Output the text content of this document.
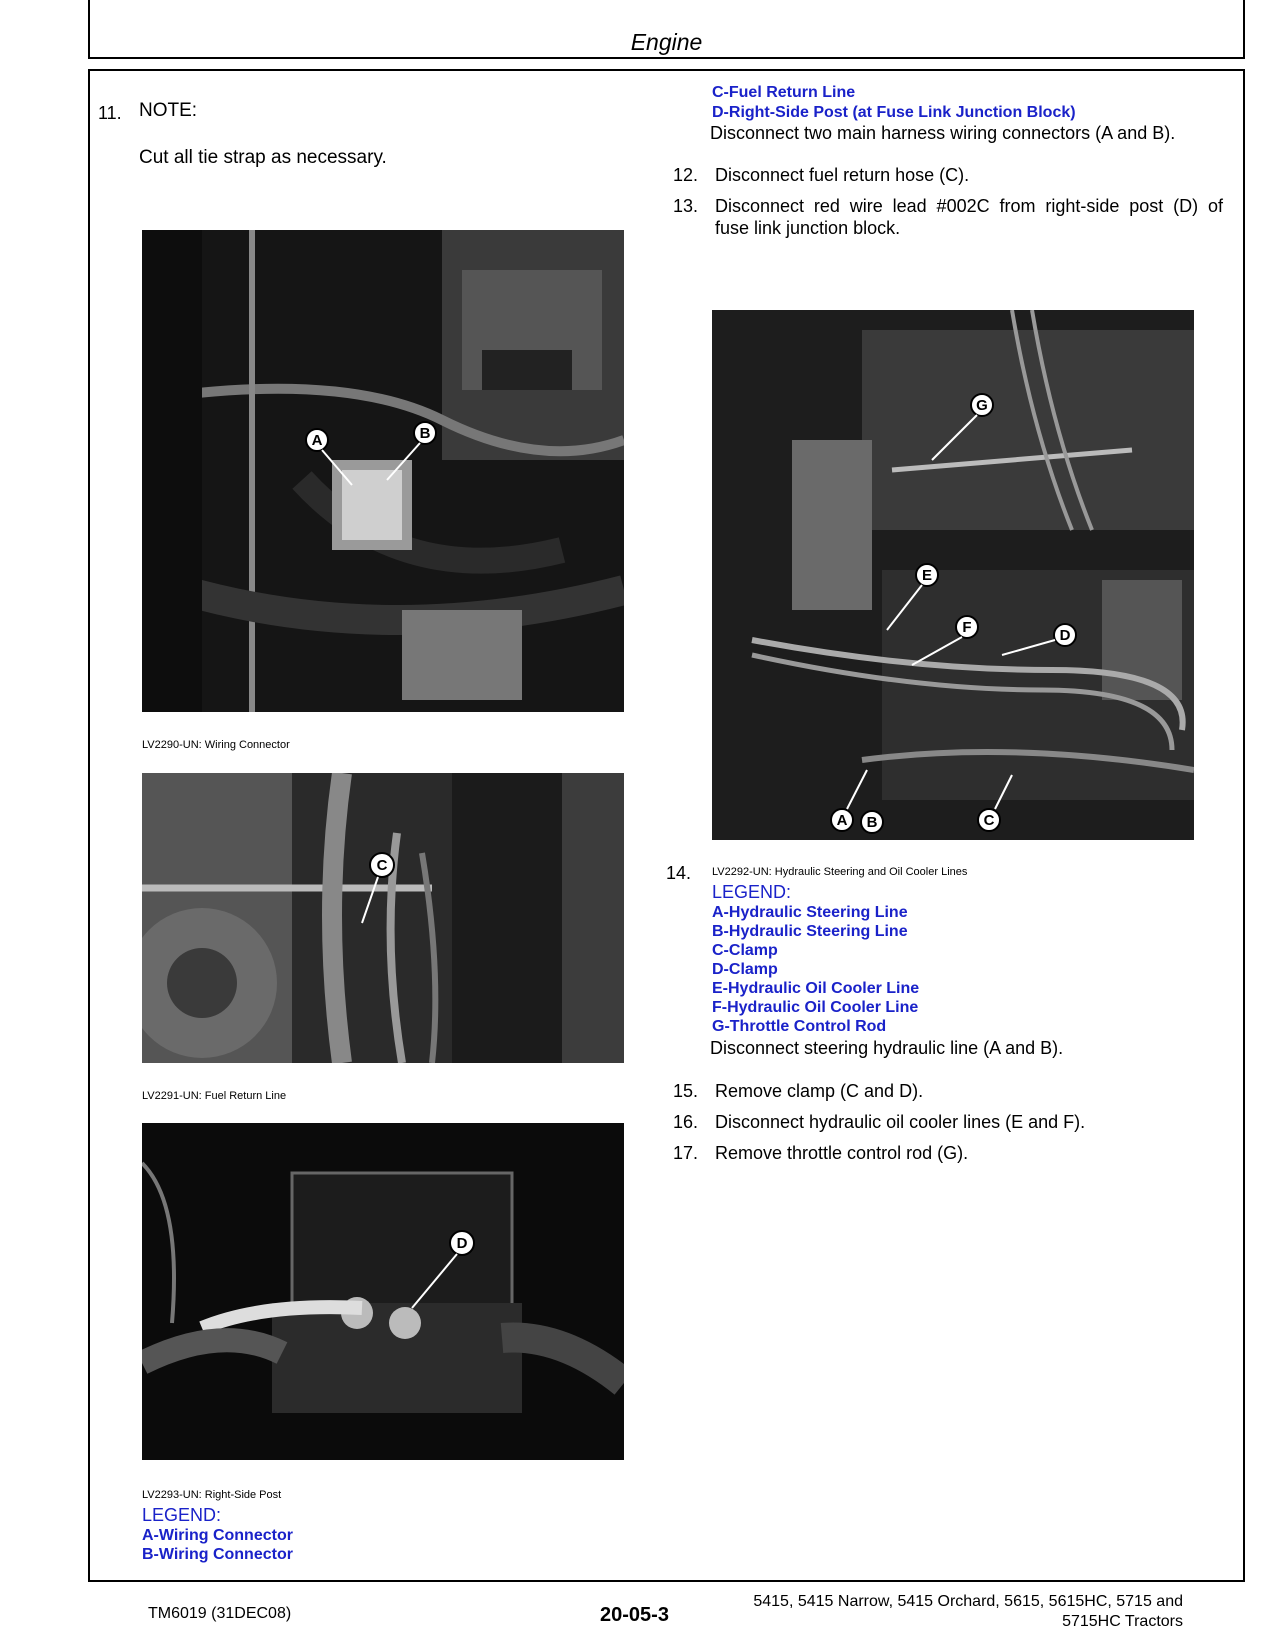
Engine
11. NOTE:
Cut all tie strap as necessary.
A	B
LV2290-UN: Wiring Connector
C
LV2291-UN: Fuel Return Line
D
LV2293-UN: Right-Side Post
LEGEND:
A-Wiring Connector
B-Wiring Connector
C-Fuel Return Line
D-Right-Side Post (at Fuse Link Junction Block)
Disconnect two main harness wiring connectors (A and B).
12. Disconnect fuel return hose (C).
13. Disconnect red wire lead #002C from right-side post (D) of
fuse link junction block.
G
E
F	D
A B	C
14. LV2292-UN: Hydraulic Steering and Oil Cooler Lines
LEGEND:
A-Hydraulic Steering Line
B-Hydraulic Steering Line
C-Clamp
D-Clamp
E-Hydraulic Oil Cooler Line
F-Hydraulic Oil Cooler Line
G-Throttle Control Rod
Disconnect steering hydraulic line (A and B).
15. Remove clamp (C and D).
16. Disconnect hydraulic oil cooler lines (E and F).
17. Remove throttle control rod (G).
TM6019 (31DEC08)	20-05-3
5415, 5415 Narrow, 5415 Orchard, 5615, 5615HC, 5715 and
5715HC Tractors
